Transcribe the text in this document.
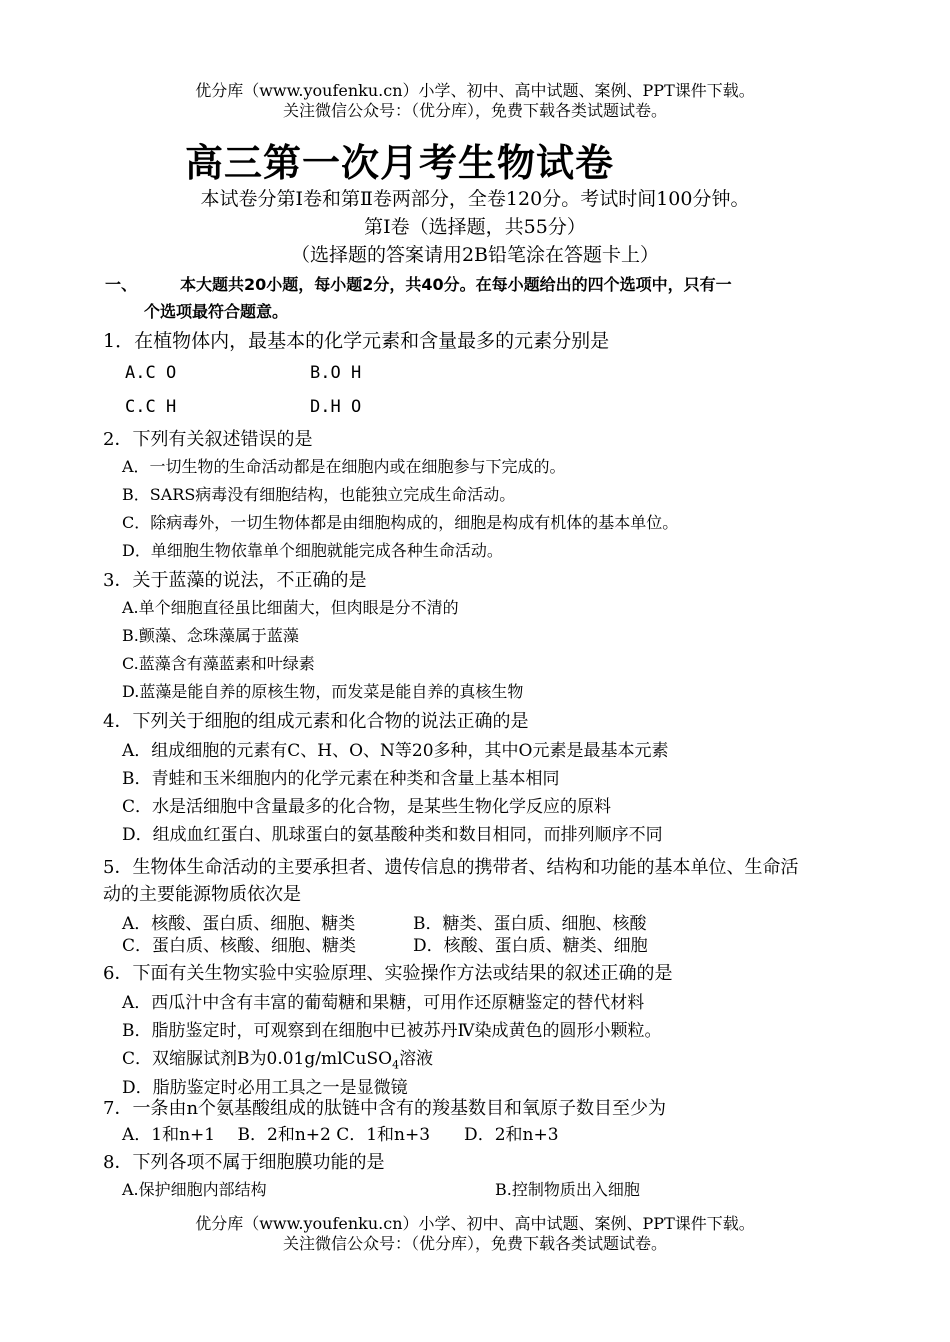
优分库（www.youfenku.cn）小学、初中、高中试题、案例、PPT课件下载。
关注微信公众号：（优分库），免费下载各类试题试卷。
高三第一次月考生物试卷
本试卷分第Ⅰ卷和第Ⅱ卷两部分，全卷120分。考试时间100分钟。
第Ⅰ卷（选择题，共55分）
（选择题的答案请用2B铅笔涂在答题卡上）
一、	本大题共20小题，每小题2分，共40分。在每小题给出的四个选项中，只有一
个选项最符合题意。
1．在植物体内，最基本的化学元素和含量最多的元素分别是
A.C O	B.O H
C.C H	D.H O
2．下列有关叙述错误的是
A．一切生物的生命活动都是在细胞内或在细胞参与下完成的。
B．SARS病毒没有细胞结构，也能独立完成生命活动。
C．除病毒外，一切生物体都是由细胞构成的，细胞是构成有机体的基本单位。
D．单细胞生物依靠单个细胞就能完成各种生命活动。
3．关于蓝藻的说法，不正确的是
A.单个细胞直径虽比细菌大，但肉眼是分不清的
B.颤藻、念珠藻属于蓝藻
C.蓝藻含有藻蓝素和叶绿素
D.蓝藻是能自养的原核生物，而发菜是能自养的真核生物
4．下列关于细胞的组成元素和化合物的说法正确的是
A．组成细胞的元素有C、H、O、N等20多种，其中O元素是最基本元素
B．青蛙和玉米细胞内的化学元素在种类和含量上基本相同
C．水是活细胞中含量最多的化合物，是某些生物化学反应的原料
D．组成血红蛋白、肌球蛋白的氨基酸种类和数目相同，而排列顺序不同
5．生物体生命活动的主要承担者、遗传信息的携带者、结构和功能的基本单位、生命活
动的主要能源物质依次是
A．核酸、蛋白质、细胞、糖类	B．糖类、蛋白质、细胞、核酸
C．蛋白质、核酸、细胞、糖类	D．核酸、蛋白质、糖类、细胞
6．下面有关生物实验中实验原理、实验操作方法或结果的叙述正确的是
A．西瓜汁中含有丰富的葡萄糖和果糖，可用作还原糖鉴定的替代材料
B．脂肪鉴定时，可观察到在细胞中已被苏丹Ⅳ染成黄色的圆形小颗粒。
C．双缩脲试剂B为0.01g/mlCuSO$_4$溶液
D．脂肪鉴定时必用工具之一是显微镜
7．一条由n个氨基酸组成的肽链中含有的羧基数目和氧原子数目至少为
A．1和n+1　 B．2和n+2 C．1和n+3　　D．2和n+3
8．下列各项不属于细胞膜功能的是
A.保护细胞内部结构	B.控制物质出入细胞
优分库（www.youfenku.cn）小学、初中、高中试题、案例、PPT课件下载。
关注微信公众号：（优分库），免费下载各类试题试卷。
